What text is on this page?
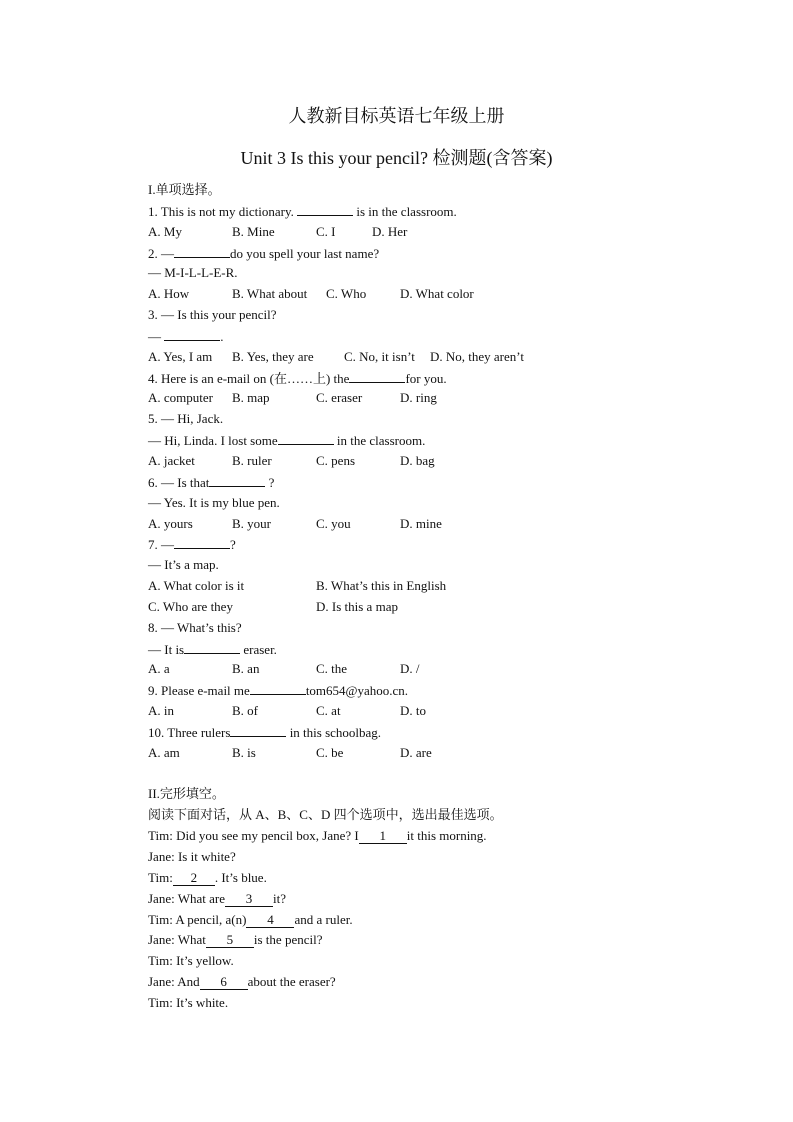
人教新目标英语七年级上册
Unit 3 Is this your pencil? 检测题(含答案)
I.单项选择。
1. This is not my dictionary.	is in the classroom.
A. My	B. Mine	C. I	D. Her
2. —	do you spell your last name?
— M-I-L-L-E-R.
A. How	B. What about C. Who	D. What color
3. — Is this your pencil?
—	.
A. Yes, I am B. Yes, they are C. No, it isn’t D. No, they aren’t
4. Here is an e-mail on (在……上) the	for you.
A. computer B. map	C. eraser	D. ring
5. — Hi, Jack.
— Hi, Linda. I lost some	in the classroom.
A. jacket	B. ruler	C. pens	D. bag
6. — Is that	?
— Yes. It is my blue pen.
A. yours	B. your	C. you	D. mine
7. —	?
— It’s a map.
A. What color is it	B. What’s this in English
C. Who are they	D. Is this a map
8. — What’s this?
— It is	eraser.
A. a	B. an	C. the	D. /
9. Please e-mail me	tom654@yahoo.cn.
A. in	B. of	C. at	D. to
10. Three rulers	in this schoolbag.
A. am	B. is	C. be	D. are
II.完形填空。
阅读下面对话，从 A、B、C、D 四个选项中，选出最佳选项。
Tim: Did you see my pencil box, Jane? I 1 it this morning.
Jane: Is it white?
Tim: 2 . It’s blue.
Jane: What are 3 it?
Tim: A pencil, a(n) 4 and a ruler.
Jane: What 5 is the pencil?
Tim: It’s yellow.
Jane: And 6 about the eraser?
Tim: It’s white.
